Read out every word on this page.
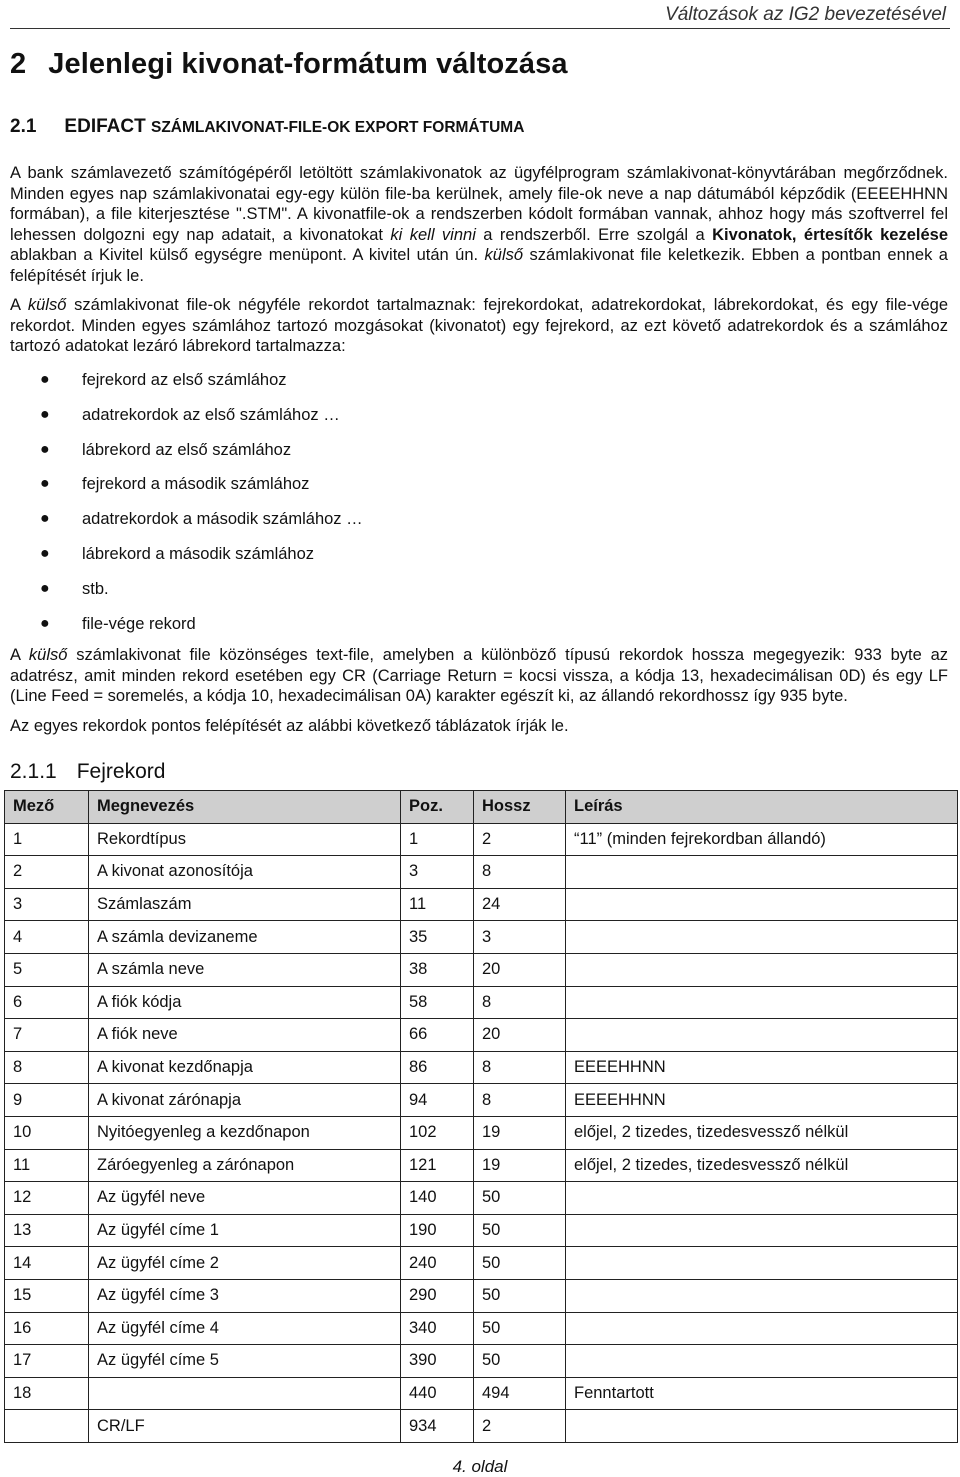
Változások az IG2 bevezetésével
2 Jelenlegi kivonat-formátum változása
2.1 EDIFACT SZÁMLAKIVONAT-FILE-OK EXPORT FORMÁTUMA

A bank számlavezető számítógépéről letöltött számlakivonatok az ügyfélprogram számlakivonat-könyvtárában megőrződnek. Minden egyes nap számlakivonatai egy-egy külön file-ba kerülnek, amely file-ok neve a nap dátumából képződik (EEEEHHNN formában), a file kiterjesztése ".STM". A kivonatfile-ok a rendszerben kódolt formában vannak, ahhoz hogy más szoftverrel fel lehessen dolgozni egy nap adatait, a kivonatokat ki kell vinni a rendszerből. Erre szolgál a Kivonatok, értesítők kezelése ablakban a Kivitel külső egységre menüpont. A kivitel után ún. külső számlakivonat file keletkezik. Ebben a pontban ennek a felépítését írjuk le.

A külső számlakivonat file-ok négyféle rekordot tartalmaznak: fejrekordokat, adatrekordokat, lábrekordokat, és egy file-vége rekordot. Minden egyes számlához tartozó mozgásokat (kivonatot) egy fejrekord, az ezt követő adatrekordok és a számlához tartozó adatokat lezáró lábrekord tartalmazza:

●	fejrekord az első számlához
●	adatrekordok az első számlához …
●	lábrekord az első számlához
●	fejrekord a második számlához
●	adatrekordok a második számlához …
●	lábrekord a második számlához
●	stb.
●	file-vége rekord

A külső számlakivonat file közönséges text-file, amelyben a különböző típusú rekordok hossza megegyezik: 933 byte az adatrész, amit minden rekord esetében egy CR (Carriage Return = kocsi vissza, a kódja 13, hexadecimálisan 0D) és egy LF (Line Feed = soremelés, a kódja 10, hexadecimálisan 0A) karakter egészít ki, az állandó rekordhossz így 935 byte.

Az egyes rekordok pontos felépítését az alábbi következő táblázatok írják le.

2.1.1 Fejrekord
Mező	Megnevezés	Poz.	Hossz	Leírás
1	Rekordtípus	1	2	“11” (minden fejrekordban állandó)
2	A kivonat azonosítója	3	8	
3	Számlaszám	11	24	
4	A számla devizaneme	35	3	
5	A számla neve	38	20	
6	A fiók kódja	58	8	
7	A fiók neve	66	20	
8	A kivonat kezdőnapja	86	8	EEEEHHNN
9	A kivonat zárónapja	94	8	EEEEHHNN
10	Nyitóegyenleg a kezdőnapon	102	19	előjel, 2 tizedes, tizedesvessző nélkül
11	Záróegyenleg a zárónapon	121	19	előjel, 2 tizedes, tizedesvessző nélkül
12	Az ügyfél neve	140	50	
13	Az ügyfél címe 1	190	50	
14	Az ügyfél címe 2	240	50	
15	Az ügyfél címe 3	290	50	
16	Az ügyfél címe 4	340	50	
17	Az ügyfél címe 5	390	50	
18		440	494	Fenntartott
	CR/LF	934	2	
4. oldal
